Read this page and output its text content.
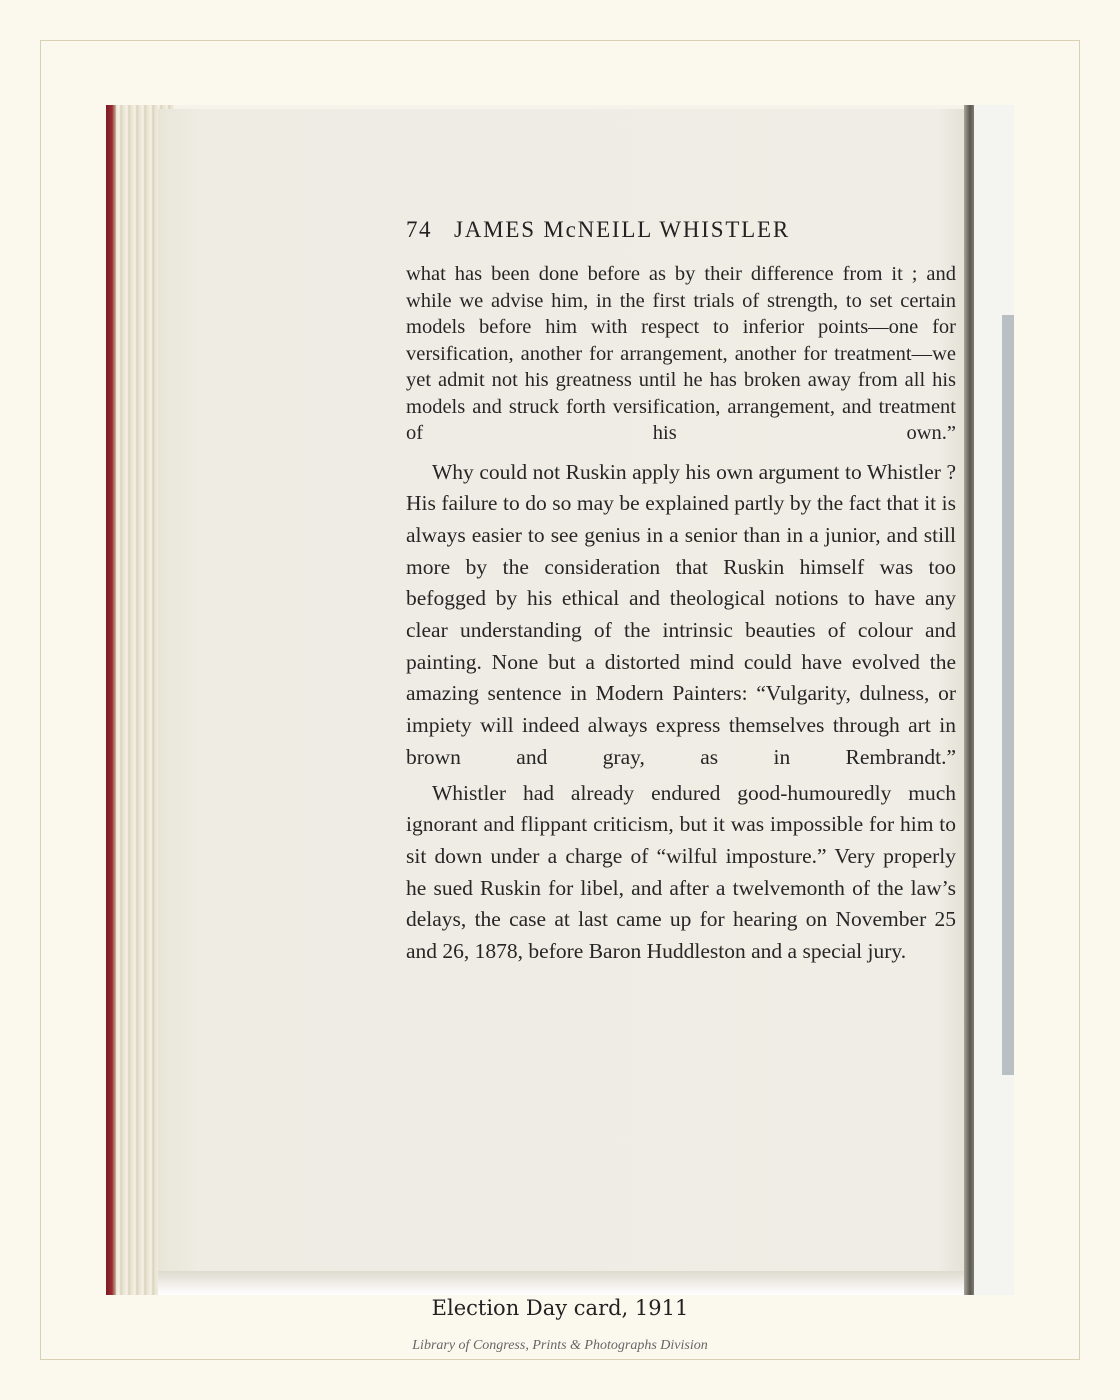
74 JAMES McNEILL WHISTLER

what has been done before as by their difference from it ; and while we advise him, in the first trials of strength, to set certain models before him with respect to inferior points—one for versification, another for arrangement, another for treatment—we yet admit not his greatness until he has broken away from all his models and struck forth versification, arrangement, and treatment of his own.”

Why could not Ruskin apply his own argument to Whistler ? His failure to do so may be explained partly by the fact that it is always easier to see genius in a senior than in a junior, and still more by the consideration that Ruskin himself was too befogged by his ethical and theological notions to have any clear understanding of the intrinsic beauties of colour and painting. None but a distorted mind could have evolved the amazing sentence in Modern Painters: “Vulgarity, dulness, or impiety will indeed always express themselves through art in brown and gray, as in Rembrandt.”

Whistler had already endured good-humouredly much ignorant and flippant criticism, but it was impossible for him to sit down under a charge of “wilful imposture.” Very properly he sued Ruskin for libel, and after a twelvemonth of the law’s delays, the case at last came up for hearing on November 25 and 26, 1878, before Baron Huddleston and a special jury.

Election Day card, 1911
Library of Congress, Prints & Photographs Division
